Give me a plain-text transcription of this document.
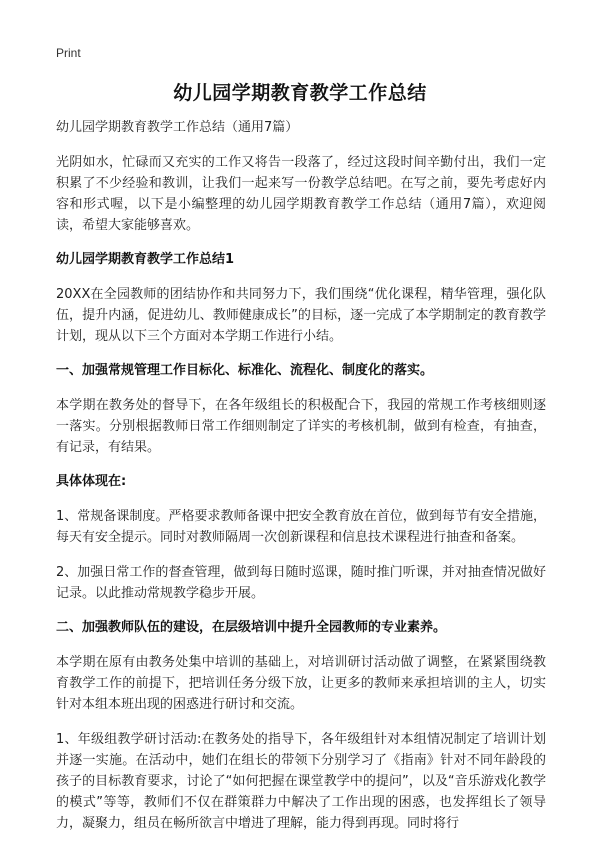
Print
幼儿园学期教育教学工作总结
幼儿园学期教育教学工作总结（通用7篇）
光阴如水，忙碌而又充实的工作又将告一段落了，经过这段时间辛勤付出，我们一定积累了不少经验和教训，让我们一起来写一份教学总结吧。在写之前，要先考虑好内容和形式喔，以下是小编整理的幼儿园学期教育教学工作总结（通用7篇），欢迎阅读，希望大家能够喜欢。
幼儿园学期教育教学工作总结1
20XX在全园教师的团结协作和共同努力下，我们围绕“优化课程，精华管理，强化队伍，提升内涵，促进幼儿、教师健康成长”的目标，逐一完成了本学期制定的教育教学计划，现从以下三个方面对本学期工作进行小结。
一、加强常规管理工作目标化、标准化、流程化、制度化的落实。
本学期在教务处的督导下，在各年级组长的积极配合下，我园的常规工作考核细则逐一落实。分别根据教师日常工作细则制定了详实的考核机制，做到有检查，有抽查，有记录，有结果。
具体体现在:
1、常规备课制度。严格要求教师备课中把安全教育放在首位，做到每节有安全措施，每天有安全提示。同时对教师隔周一次创新课程和信息技术课程进行抽查和备案。
2、加强日常工作的督查管理，做到每日随时巡课，随时推门听课，并对抽查情况做好记录。以此推动常规教学稳步开展。
二、加强教师队伍的建设，在层级培训中提升全园教师的专业素养。
本学期在原有由教务处集中培训的基础上，对培训研讨活动做了调整，在紧紧围绕教育教学工作的前提下，把培训任务分级下放，让更多的教师来承担培训的主人，切实针对本组本班出现的困惑进行研讨和交流。
1、年级组教学研讨活动:在教务处的指导下，各年级组针对本组情况制定了培训计划并逐一实施。在活动中，她们在组长的带领下分别学习了《指南》针对不同年龄段的孩子的目标教育要求，讨论了“如何把握在课堂教学中的提问”，以及“音乐游戏化教学的模式”等等，教师们不仅在群策群力中解决了工作出现的困惑，也发挥组长了领导力，凝聚力，组员在畅所欲言中增进了理解，能力得到再现。同时将行
